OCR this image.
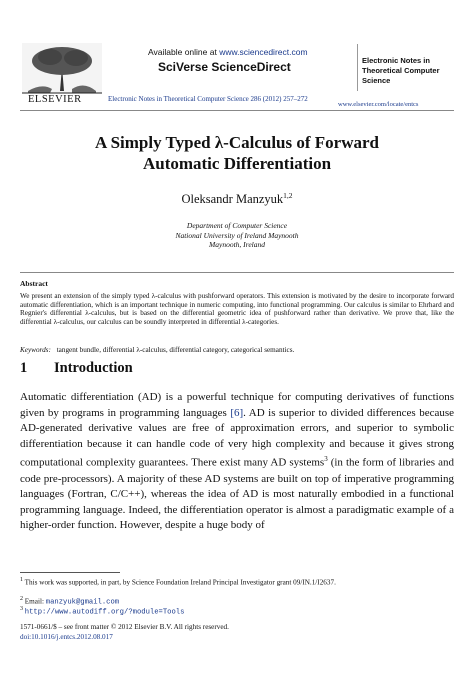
ELSEVIER
Available online at www.sciencedirect.com
SciVerse ScienceDirect
Electronic Notes in Theoretical Computer Science 286 (2012) 257–272
Electronic Notes in Theoretical Computer Science
www.elsevier.com/locate/entcs
A Simply Typed λ-Calculus of Forward
Automatic Differentiation
Oleksandr Manzyuk$^{1,2}$
Department of Computer Science
National University of Ireland Maynooth
Maynooth, Ireland
Abstract
We present an extension of the simply typed λ-calculus with pushforward operators. This extension is motivated by the desire to incorporate forward automatic differentiation, which is an important technique in numeric computing, into functional programming. Our calculus is similar to Ehrhard and Regnier's differential λ-calculus, but is based on the differential geometric idea of pushforward rather than derivative. We prove that, like the differential λ-calculus, our calculus can be soundly interpreted in differential λ-categories.
Keywords: tangent bundle, differential λ-calculus, differential category, categorical semantics.
1 Introduction
Automatic differentiation (AD) is a powerful technique for computing derivatives of functions given by programs in programming languages [6]. AD is superior to divided differences because AD-generated derivative values are free of approximation errors, and superior to symbolic differentiation because it can handle code of very high complexity and because it gives strong computational complexity guarantees. There exist many AD systems$^3$ (in the form of libraries and code pre-processors). A majority of these AD systems are built on top of imperative programming languages (Fortran, C/C++), whereas the idea of AD is most naturally embodied in a functional programming language. Indeed, the differentiation operator is almost a paradigmatic example of a higher-order function. However, despite a huge body of
$^1$ This work was supported, in part, by Science Foundation Ireland Principal Investigator grant 09/IN.1/I2637.
$^2$ Email: manzyuk@gmail.com
$^3$ http://www.autodiff.org/?module=Tools
1571-0661/$ – see front matter © 2012 Elsevier B.V. All rights reserved.
doi:10.1016/j.entcs.2012.08.017
